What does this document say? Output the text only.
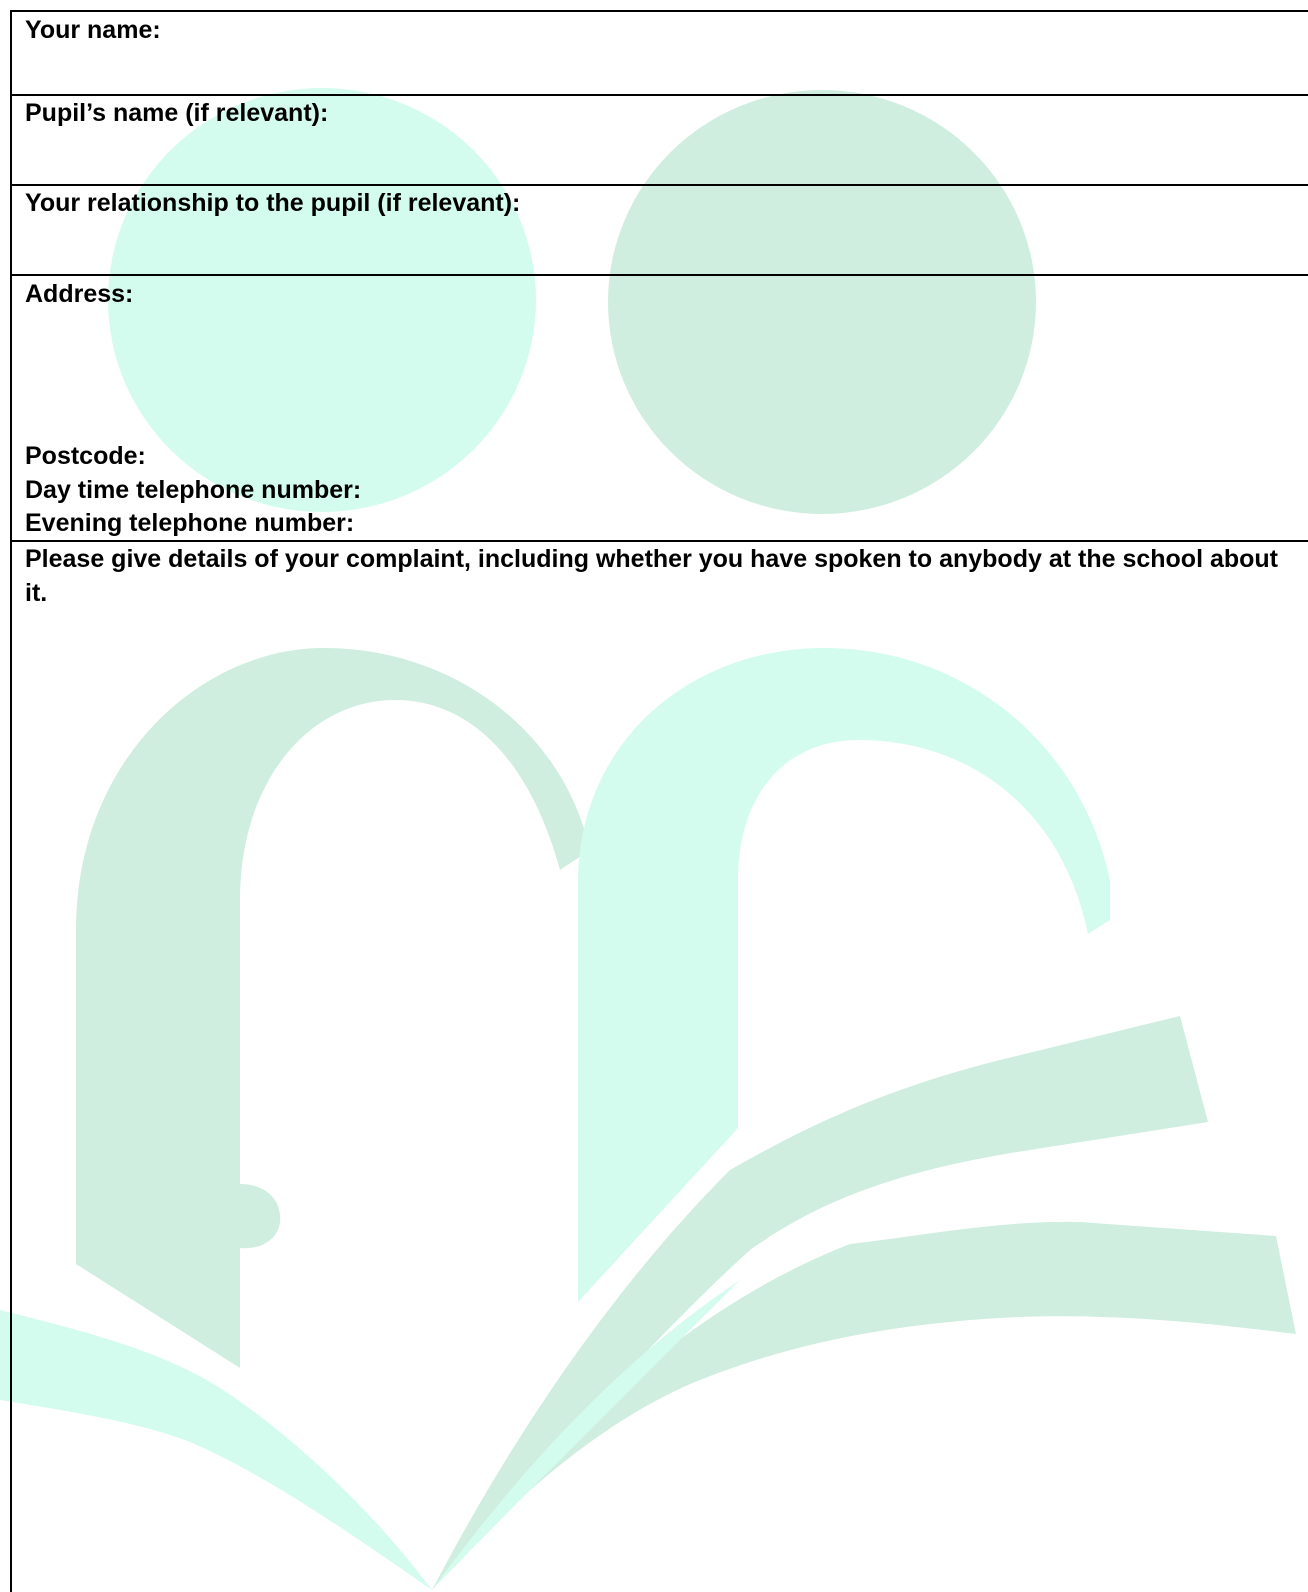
Your name:
Pupil’s name (if relevant):
Your relationship to the pupil (if relevant):
Address:
Postcode:
Day time telephone number:
Evening telephone number:
Please give details of your complaint, including whether you have spoken to anybody at the school about it.
